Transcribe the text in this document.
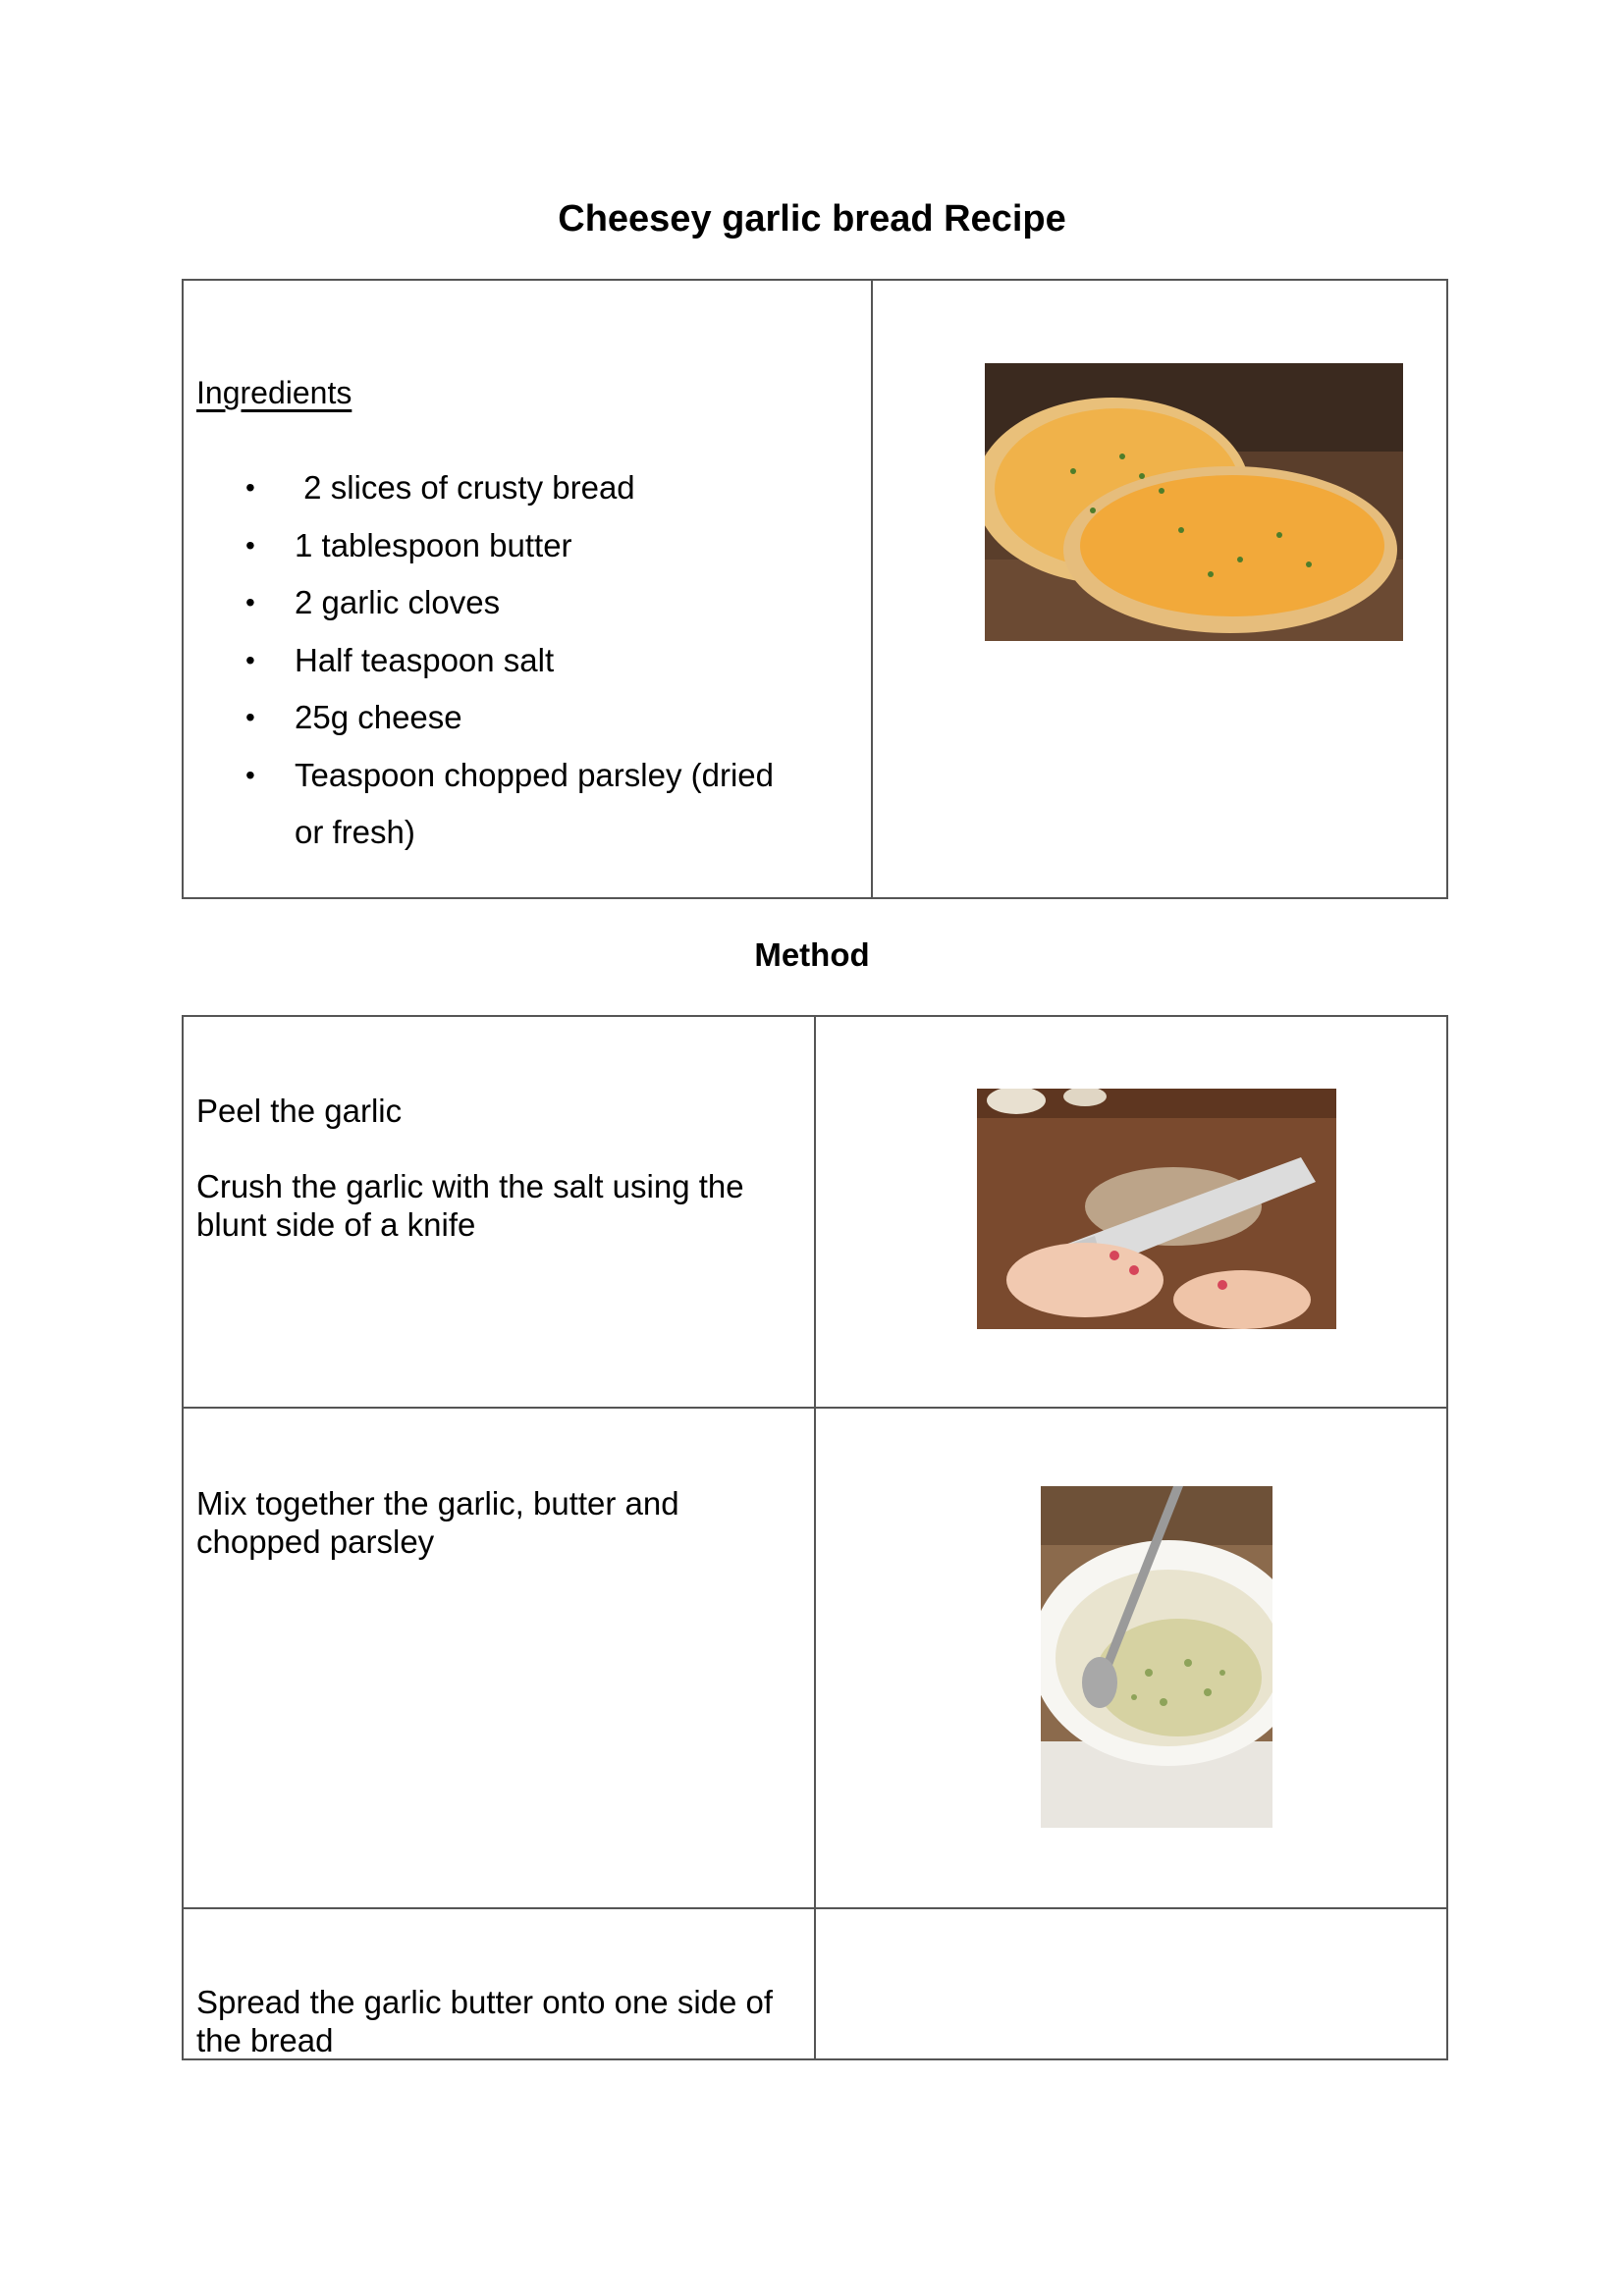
Cheesey garlic bread Recipe
Ingredients
• 2 slices of crusty bread
• 1 tablespoon butter
• 2 garlic cloves
• Half teaspoon salt
• 25g cheese
• Teaspoon chopped parsley (dried or fresh)
Method

Peel the garlic

Crush the garlic with the salt using the blunt side of a knife

Mix together the garlic, butter and chopped parsley

Spread the garlic butter onto one side of the bread
